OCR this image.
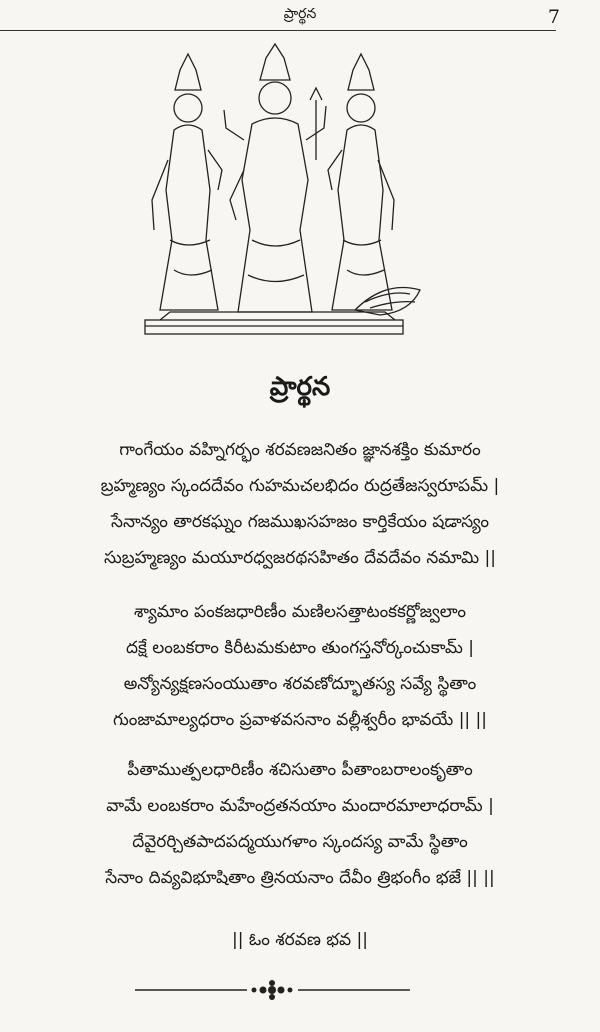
ప్రార్థన	7
ప్రార్థన
గాంగేయం వహ్నిగర్భం శరవణజనితం జ్ఞానశక్తిం కుమారం
బ్రహ్మణ్యం స్కందదేవం గుహమచలభిదం రుద్రతేజస్వరూపమ్ |
సేనాన్యం తారకఘ్నం గజముఖసహజం కార్తికేయం షడాస్యం
సుబ్రహ్మణ్యం మయూరధ్వజరథసహితం దేవదేవం నమామి ||
శ్యామాం పంకజధారిణీం మణిలసత్తాటంకకర్ణోజ్వలాం
దక్షే లంబకరాం కిరీటమకుటాం తుంగస్తనోర్కంచుకామ్ |
అన్యోన్యక్షణసంయుతాం శరవణోద్భూతస్య సవ్యే స్థితాం
గుంజామాల్యధరాం ప్రవాళవసనాం వల్లీశ్వరీం భావయే || ||
పీతాముత్పలధారిణీం శచిసుతాం పీతాంబరాలంకృతాం
వామే లంబకరాం మహేంద్రతనయాం మందారమాలాధరామ్ |
దేవైరర్చితపాదపద్మయుగళాం స్కందస్య వామే స్థితాం
సేనాం దివ్యవిభూషితాం త్రినయనాం దేవీం త్రిభంగీం భజే || ||
|| ఓం శరవణ భవ ||
